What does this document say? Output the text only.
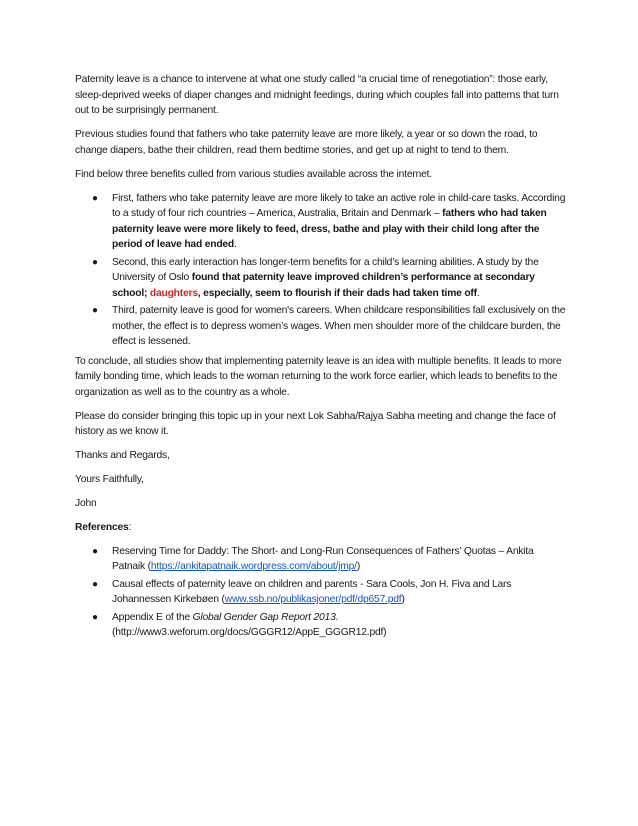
Paternity leave is a chance to intervene at what one study called “a crucial time of renegotiation”: those early, sleep-deprived weeks of diaper changes and midnight feedings, during which couples fall into patterns that turn out to be surprisingly permanent.

Previous studies found that fathers who take paternity leave are more likely, a year or so down the road, to change diapers, bathe their children, read them bedtime stories, and get up at night to tend to them.

Find below three benefits culled from various studies available across the internet.

● First, fathers who take paternity leave are more likely to take an active role in child-care tasks. According to a study of four rich countries – America, Australia, Britain and Denmark – fathers who had taken paternity leave were more likely to feed, dress, bathe and play with their child long after the period of leave had ended.
● Second, this early interaction has longer-term benefits for a child’s learning abilities. A study by the University of Oslo found that paternity leave improved children’s performance at secondary school; daughters, especially, seem to flourish if their dads had taken time off.
● Third, paternity leave is good for women's careers. When childcare responsibilities fall exclusively on the mother, the effect is to depress women’s wages. When men shoulder more of the childcare burden, the effect is lessened.

To conclude, all studies show that implementing paternity leave is an idea with multiple benefits. It leads to more family bonding time, which leads to the woman returning to the work force earlier, which leads to benefits to the organization as well as to the country as a whole.

Please do consider bringing this topic up in your next Lok Sabha/Rajya Sabha meeting and change the face of history as we know it.

Thanks and Regards,

Yours Faithfully,

John

References:

● Reserving Time for Daddy: The Short- and Long-Run Consequences of Fathers’ Quotas – Ankita Patnaik (https://ankitapatnaik.wordpress.com/about/jmp/)
● Causal effects of paternity leave on children and parents - Sara Cools, Jon H. Fiva and Lars Johannessen Kirkebøen (www.ssb.no/publikasjoner/pdf/dp657.pdf)
● Appendix E of the Global Gender Gap Report 2013. (http://www3.weforum.org/docs/GGGR12/AppE_GGGR12.pdf)
